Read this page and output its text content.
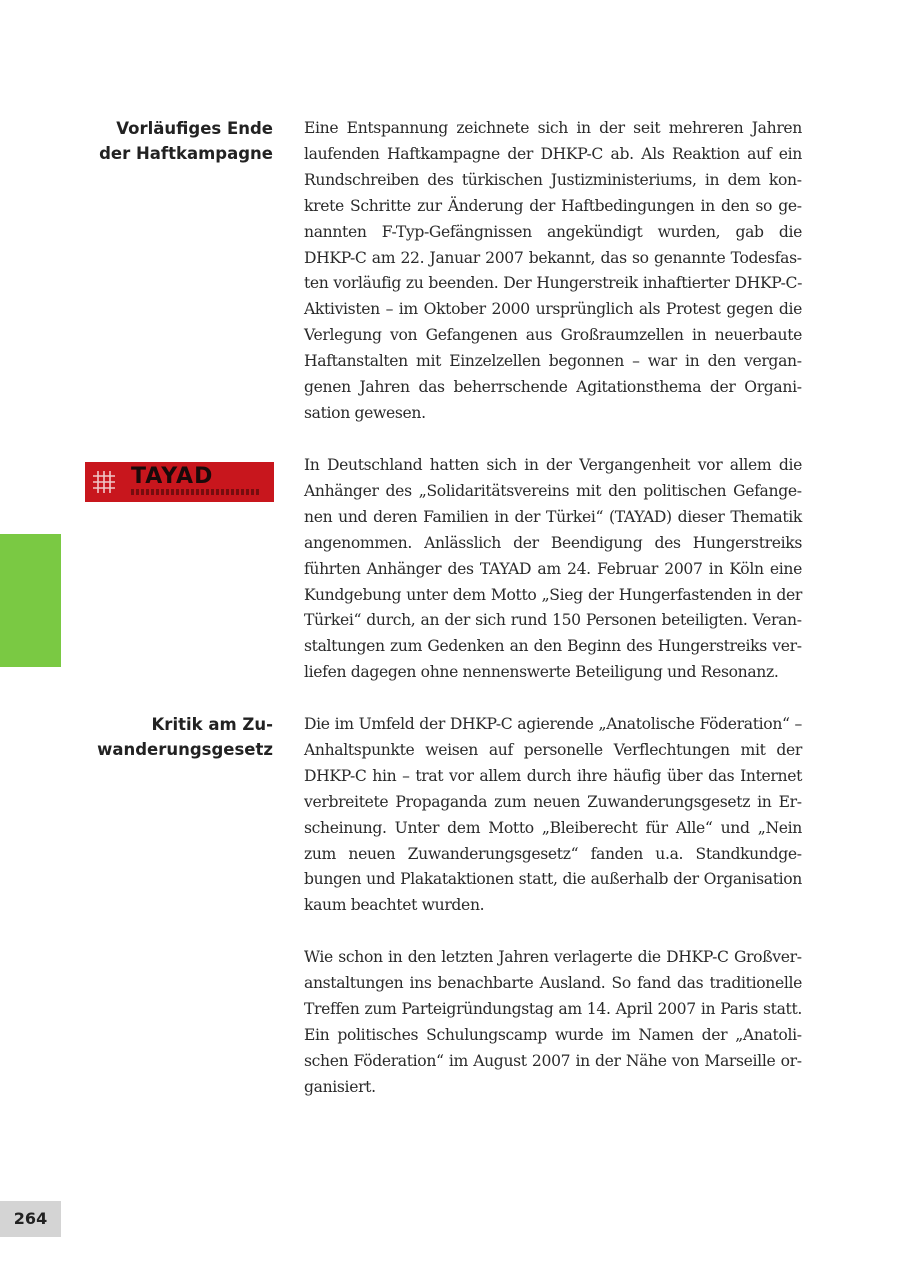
Vorläufiges Ende
der Haftkampagne

Eine Entspannung zeichnete sich in der seit mehreren Jahren laufenden Haftkampagne der DHKP-C ab. Als Reaktion auf ein Rundschreiben des türkischen Justizministeriums, in dem konkrete Schritte zur Änderung der Haftbedingungen in den so genannten F-Typ-Gefängnissen angekündigt wurden, gab die DHKP-C am 22. Januar 2007 bekannt, das so genannte Todesfasten vorläufig zu beenden. Der Hungerstreik inhaftierter DHKP-C-Aktivisten – im Oktober 2000 ursprünglich als Protest gegen die Verlegung von Gefangenen aus Großraumzellen in neuerbaute Haftanstalten mit Einzelzellen begonnen – war in den vergangenen Jahren das beherrschende Agitationsthema der Organisation gewesen.

TAYAD	In Deutschland hatten sich in der Vergangenheit vor allem die Anhänger des „Solidaritätsvereins mit den politischen Gefangenen und deren Familien in der Türkei“ (TAYAD) dieser Thematik angenommen. Anlässlich der Beendigung des Hungerstreiks führten Anhänger des TAYAD am 24. Februar 2007 in Köln eine Kundgebung unter dem Motto „Sieg der Hungerfastenden in der Türkei“ durch, an der sich rund 150 Personen beteiligten. Veranstaltungen zum Gedenken an den Beginn des Hungerstreiks verliefen dagegen ohne nennenswerte Beteiligung und Resonanz.

Kritik am Zu-
wanderungsgesetz

Die im Umfeld der DHKP-C agierende „Anatolische Föderation“ – Anhaltspunkte weisen auf personelle Verflechtungen mit der DHKP-C hin – trat vor allem durch ihre häufig über das Internet verbreitete Propaganda zum neuen Zuwanderungsgesetz in Erscheinung. Unter dem Motto „Bleiberecht für Alle“ und „Nein zum neuen Zuwanderungsgesetz“ fanden u.a. Standkundgebungen und Plakataktionen statt, die außerhalb der Organisation kaum beachtet wurden.

Wie schon in den letzten Jahren verlagerte die DHKP-C Großveranstaltungen ins benachbarte Ausland. So fand das traditionelle Treffen zum Parteigründungstag am 14. April 2007 in Paris statt. Ein politisches Schulungscamp wurde im Namen der „Anatolischen Föderation“ im August 2007 in der Nähe von Marseille organisiert.

264
